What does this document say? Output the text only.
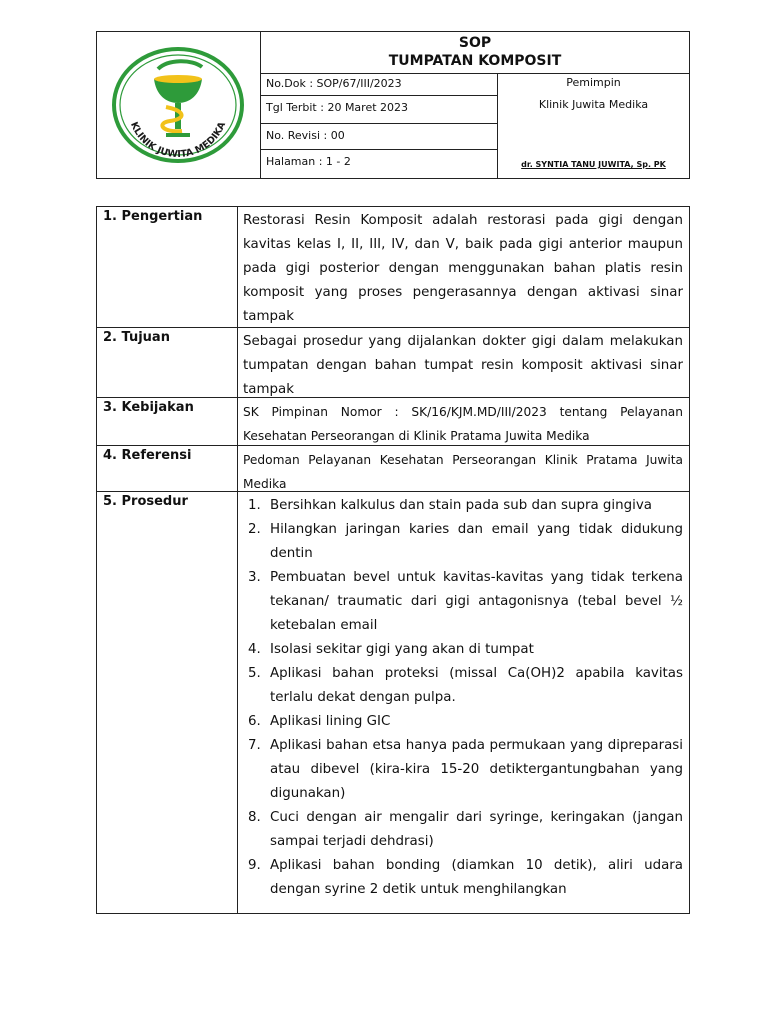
KLINIK JUWITA MEDIKA
SOP
TUMPATAN KOMPOSIT
No.Dok : SOP/67/III/2023
Tgl Terbit : 20 Maret 2023
No. Revisi : 00
Halaman : 1 - 2
Pemimpin
Klinik Juwita Medika
dr. SYNTIA TANU JUWITA, Sp. PK
1. Pengertian	Restorasi Resin Komposit adalah restorasi pada gigi dengan kavitas kelas I, II, III, IV, dan V, baik pada gigi anterior maupun pada gigi posterior dengan menggunakan bahan platis resin komposit yang proses pengerasannya dengan aktivasi sinar tampak
2. Tujuan	Sebagai prosedur yang dijalankan dokter gigi dalam melakukan tumpatan dengan bahan tumpat resin komposit aktivasi sinar tampak
3. Kebijakan	SK Pimpinan Nomor : SK/16/KJM.MD/III/2023 tentang Pelayanan Kesehatan Perseorangan di Klinik Pratama Juwita Medika
4. Referensi	Pedoman Pelayanan Kesehatan Perseorangan Klinik Pratama Juwita Medika
5. Prosedur	1. Bersihkan kalkulus dan stain pada sub dan supra gingiva
2. Hilangkan jaringan karies dan email yang tidak didukung dentin
3. Pembuatan bevel untuk kavitas-kavitas yang tidak terkena tekanan/ traumatic dari gigi antagonisnya (tebal bevel ½ ketebalan email
4. Isolasi sekitar gigi yang akan di tumpat
5. Aplikasi bahan proteksi (missal Ca(OH)2 apabila kavitas terlalu dekat dengan pulpa.
6. Aplikasi lining GIC
7. Aplikasi bahan etsa hanya pada permukaan yang dipreparasi atau dibevel (kira-kira 15-20 detiktergantungbahan yang digunakan)
8. Cuci dengan air mengalir dari syringe, keringakan (jangan sampai terjadi dehdrasi)
9. Aplikasi bahan bonding (diamkan 10 detik), aliri udara dengan syrine 2 detik untuk menghilangkan
